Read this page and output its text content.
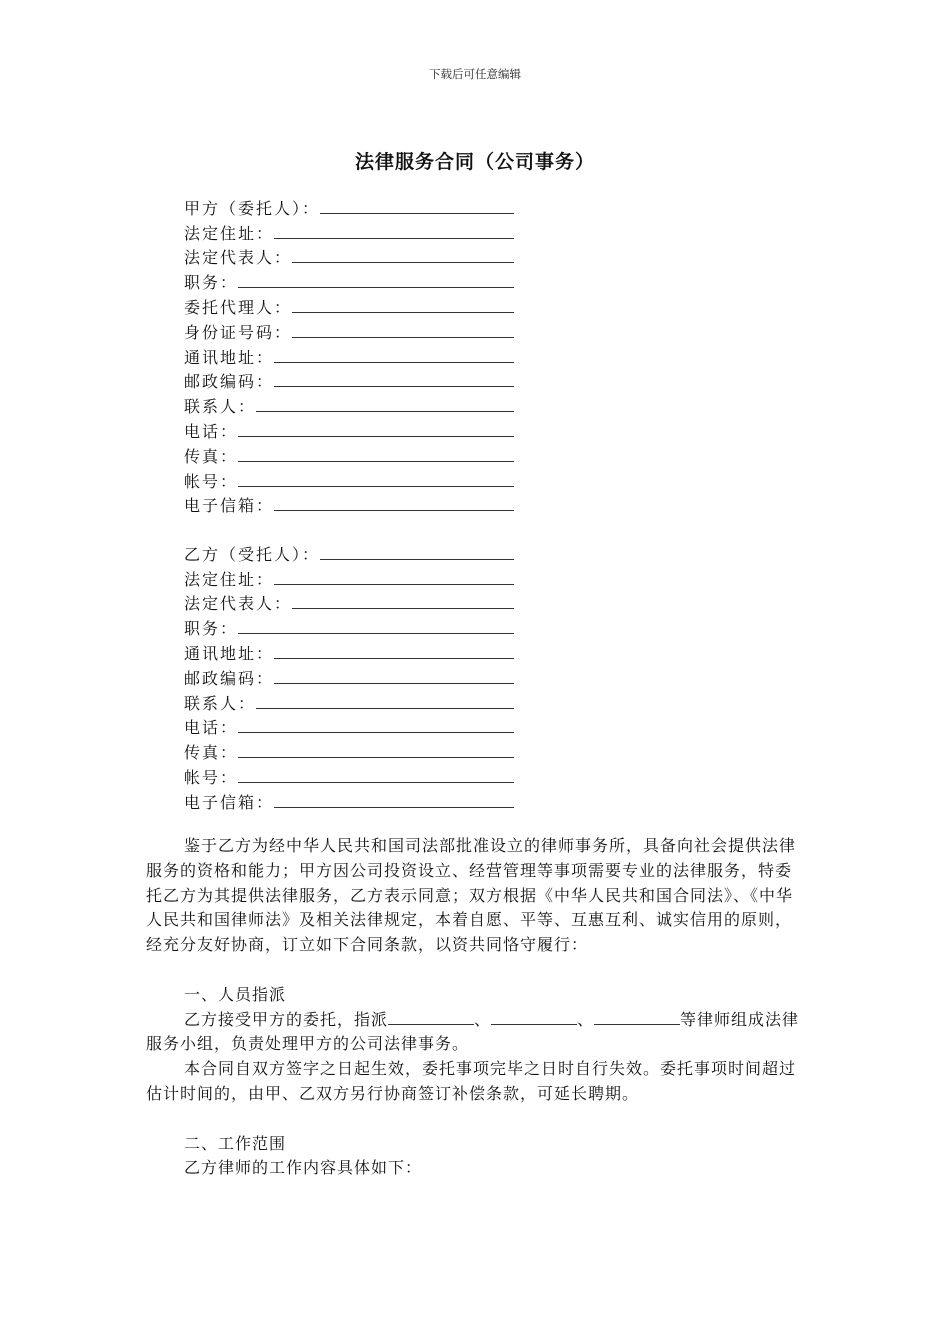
下载后可任意编辑
法律服务合同（公司事务）
甲方（委托人）：
法定住址：
法定代表人：
职务：
委托代理人：
身份证号码：
通讯地址：
邮政编码：
联系人：
电话：
传真：
帐号：
电子信箱：
乙方（受托人）：
法定住址：
法定代表人：
职务：
通讯地址：
邮政编码：
联系人：
电话：
传真：
帐号：
电子信箱：

鉴于乙方为经中华人民共和国司法部批准设立的律师事务所，具备向社会提供法律服务的资格和能力；甲方因公司投资设立、经营管理等事项需要专业的法律服务，特委托乙方为其提供法律服务，乙方表示同意；双方根据《中华人民共和国合同法》、《中华人民共和国律师法》及相关法律规定，本着自愿、平等、互惠互利、诚实信用的原则，经充分友好协商，订立如下合同条款，以资共同恪守履行：

一、人员指派

乙方接受甲方的委托，指派	、	、	等律师组成法律服务小组，负责处理甲方的公司法律事务。

本合同自双方签字之日起生效，委托事项完毕之日时自行失效。委托事项时间超过估计时间的，由甲、乙双方另行协商签订补偿条款，可延长聘期。

二、工作范围

乙方律师的工作内容具体如下：
